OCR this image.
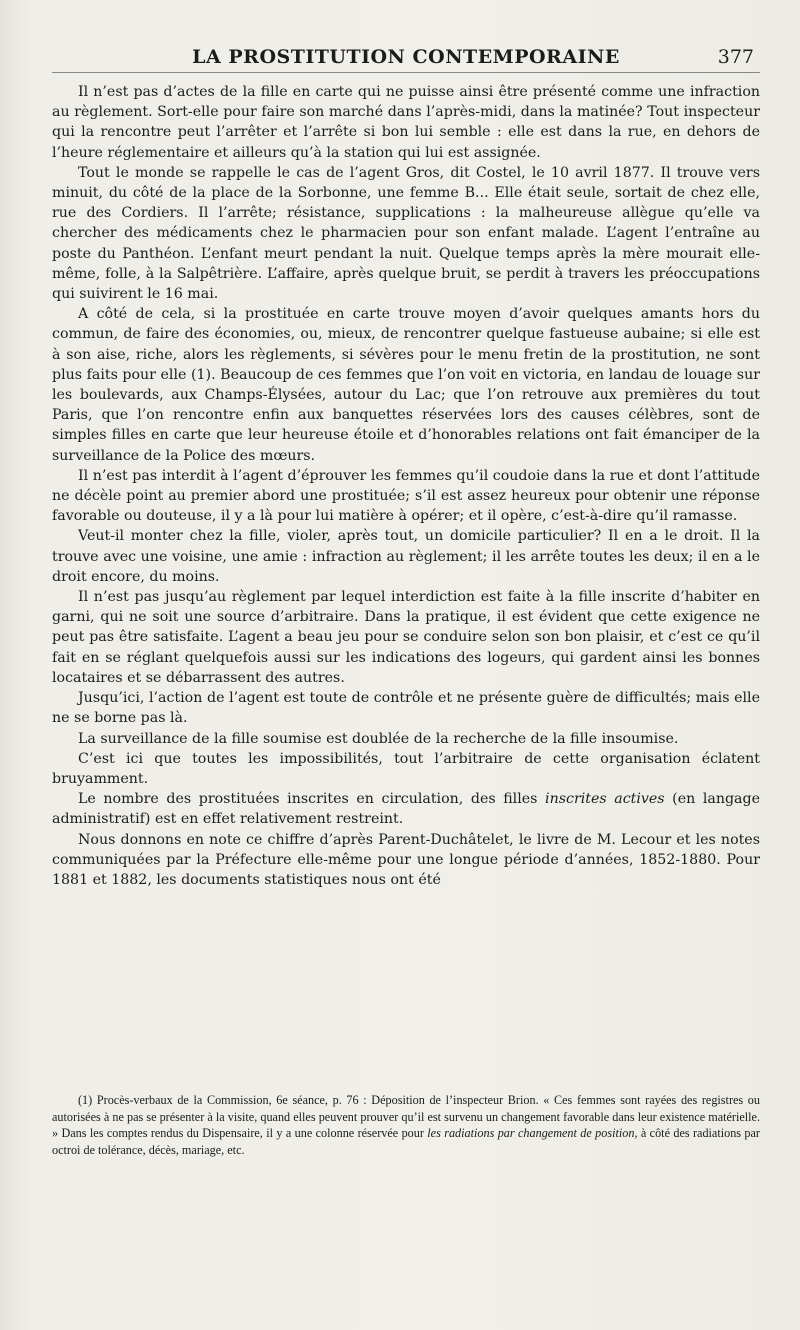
LA PROSTITUTION CONTEMPORAINE	377

Il n’est pas d’actes de la fille en carte qui ne puisse ainsi être présenté comme une infraction au règlement. Sort-elle pour faire son marché dans l’après-midi, dans la matinée? Tout inspecteur qui la rencontre peut l’arrêter et l’arrête si bon lui semble : elle est dans la rue, en dehors de l’heure réglementaire et ailleurs qu’à la station qui lui est assignée.

Tout le monde se rappelle le cas de l’agent Gros, dit Costel, le 10 avril 1877. Il trouve vers minuit, du côté de la place de la Sorbonne, une femme B... Elle était seule, sortait de chez elle, rue des Cordiers. Il l’arrête; résistance, supplications : la malheureuse allègue qu’elle va chercher des médicaments chez le pharmacien pour son enfant malade. L’agent l’entraîne au poste du Panthéon. L’enfant meurt pendant la nuit. Quelque temps après la mère mourait elle-même, folle, à la Salpêtrière. L’affaire, après quelque bruit, se perdit à travers les préoccupations qui suivirent le 16 mai.

A côté de cela, si la prostituée en carte trouve moyen d’avoir quelques amants hors du commun, de faire des économies, ou, mieux, de rencontrer quelque fastueuse aubaine; si elle est à son aise, riche, alors les règlements, si sévères pour le menu fretin de la prostitution, ne sont plus faits pour elle (1). Beaucoup de ces femmes que l’on voit en victoria, en landau de louage sur les boulevards, aux Champs-Élysées, autour du Lac; que l’on retrouve aux premières du tout Paris, que l’on rencontre enfin aux banquettes réservées lors des causes célèbres, sont de simples filles en carte que leur heureuse étoile et d’honorables relations ont fait émanciper de la surveillance de la Police des mœurs.

Il n’est pas interdit à l’agent d’éprouver les femmes qu’il coudoie dans la rue et dont l’attitude ne décèle point au premier abord une prostituée; s’il est assez heureux pour obtenir une réponse favorable ou douteuse, il y a là pour lui matière à opérer; et il opère, c’est-à-dire qu’il ramasse.

Veut-il monter chez la fille, violer, après tout, un domicile particulier? Il en a le droit. Il la trouve avec une voisine, une amie : infraction au règlement; il les arrête toutes les deux; il en a le droit encore, du moins.

Il n’est pas jusqu’au règlement par lequel interdiction est faite à la fille inscrite d’habiter en garni, qui ne soit une source d’arbitraire. Dans la pratique, il est évident que cette exigence ne peut pas être satisfaite. L’agent a beau jeu pour se conduire selon son bon plaisir, et c’est ce qu’il fait en se réglant quelquefois aussi sur les indications des logeurs, qui gardent ainsi les bonnes locataires et se débarrassent des autres.

Jusqu’ici, l’action de l’agent est toute de contrôle et ne présente guère de difficultés; mais elle ne se borne pas là.

La surveillance de la fille soumise est doublée de la recherche de la fille insoumise.

C’est ici que toutes les impossibilités, tout l’arbitraire de cette organisation éclatent bruyamment.

Le nombre des prostituées inscrites en circulation, des filles inscrites actives (en langage administratif) est en effet relativement restreint.

Nous donnons en note ce chiffre d’après Parent-Duchâtelet, le livre de M. Lecour et les notes communiquées par la Préfecture elle-même pour une longue période d’années, 1852-1880. Pour 1881 et 1882, les documents statistiques nous ont été

(1) Procès-verbaux de la Commission, 6e séance, p. 76 : Déposition de l’inspecteur Brion. « Ces femmes sont rayées des registres ou autorisées à ne pas se présenter à la visite, quand elles peuvent prouver qu’il est survenu un changement favorable dans leur existence matérielle. » Dans les comptes rendus du Dispensaire, il y a une colonne réservée pour les radiations par changement de position, à côté des radiations par octroi de tolérance, décès, mariage, etc.
